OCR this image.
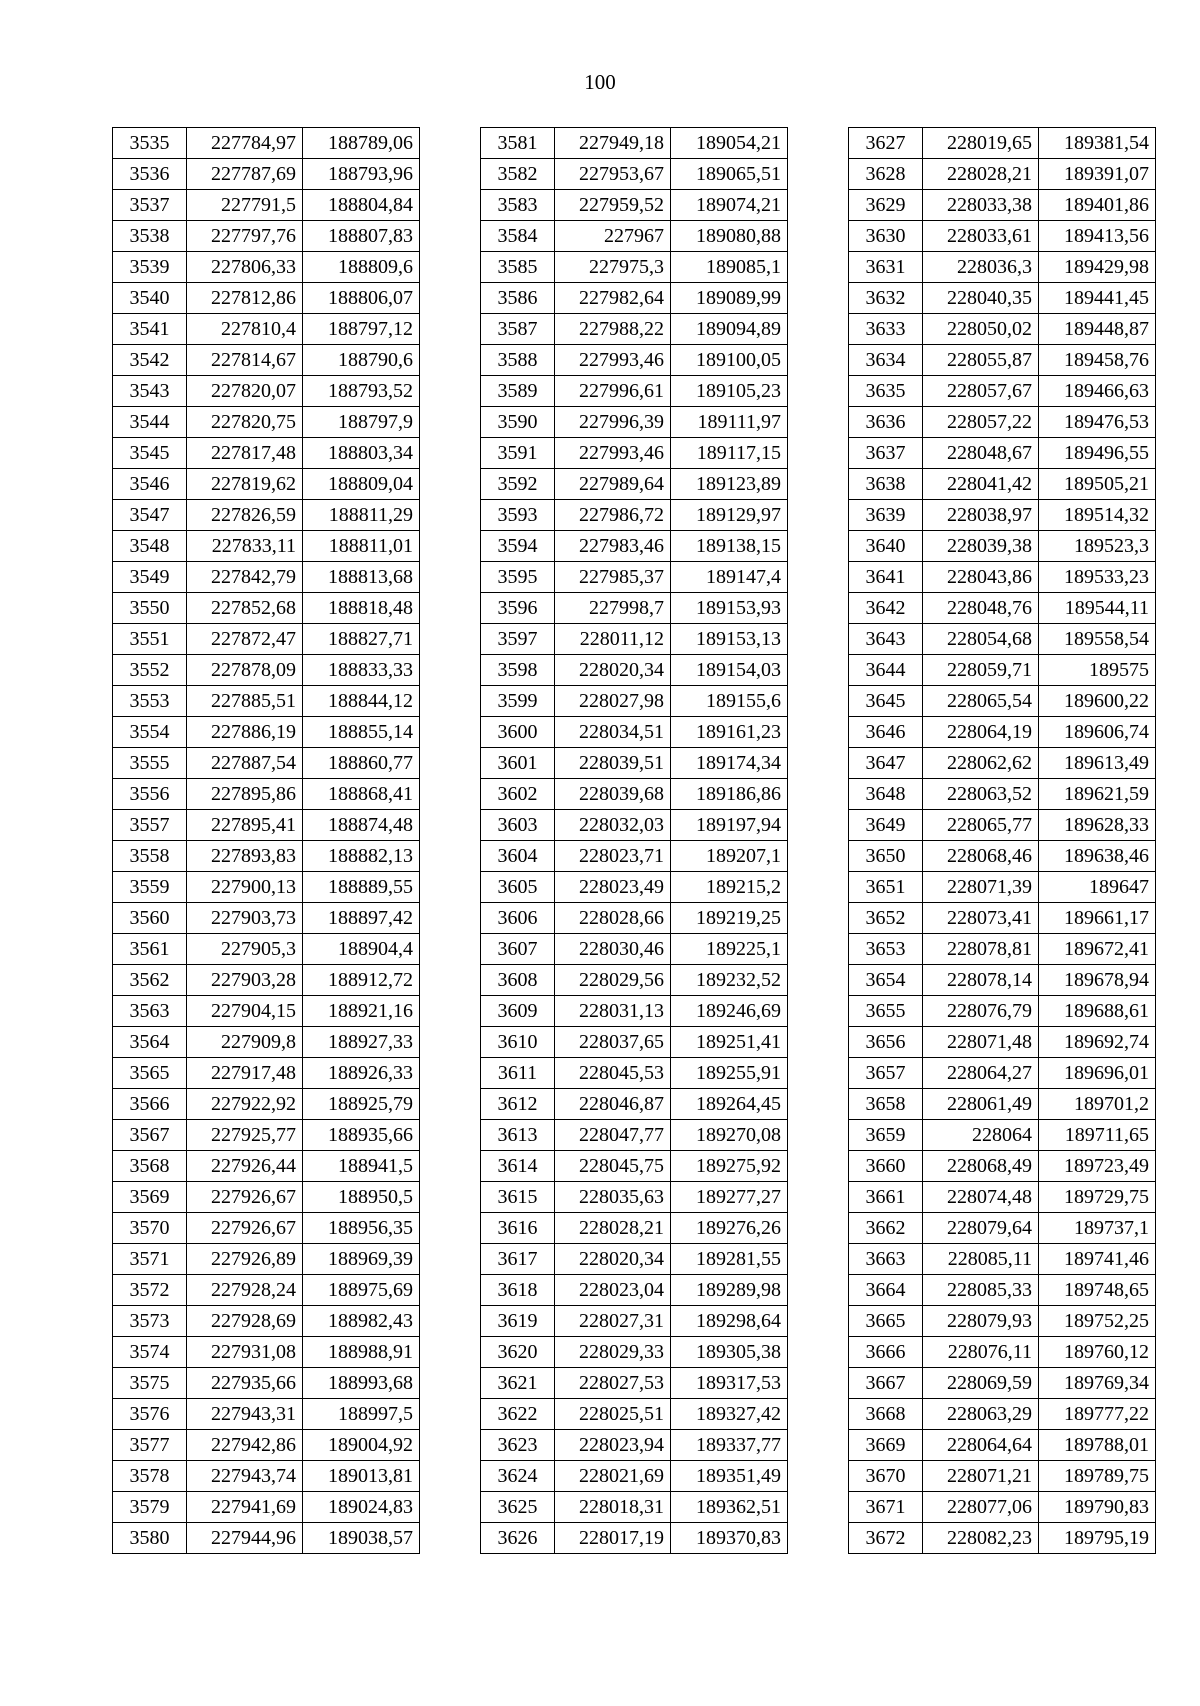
100
3535	227784,97	188789,06
3536	227787,69	188793,96
3537	227791,5	188804,84
3538	227797,76	188807,83
3539	227806,33	188809,6
3540	227812,86	188806,07
3541	227810,4	188797,12
3542	227814,67	188790,6
3543	227820,07	188793,52
3544	227820,75	188797,9
3545	227817,48	188803,34
3546	227819,62	188809,04
3547	227826,59	188811,29
3548	227833,11	188811,01
3549	227842,79	188813,68
3550	227852,68	188818,48
3551	227872,47	188827,71
3552	227878,09	188833,33
3553	227885,51	188844,12
3554	227886,19	188855,14
3555	227887,54	188860,77
3556	227895,86	188868,41
3557	227895,41	188874,48
3558	227893,83	188882,13
3559	227900,13	188889,55
3560	227903,73	188897,42
3561	227905,3	188904,4
3562	227903,28	188912,72
3563	227904,15	188921,16
3564	227909,8	188927,33
3565	227917,48	188926,33
3566	227922,92	188925,79
3567	227925,77	188935,66
3568	227926,44	188941,5
3569	227926,67	188950,5
3570	227926,67	188956,35
3571	227926,89	188969,39
3572	227928,24	188975,69
3573	227928,69	188982,43
3574	227931,08	188988,91
3575	227935,66	188993,68
3576	227943,31	188997,5
3577	227942,86	189004,92
3578	227943,74	189013,81
3579	227941,69	189024,83
3580	227944,96	189038,57
3581	227949,18	189054,21
3582	227953,67	189065,51
3583	227959,52	189074,21
3584	227967	189080,88
3585	227975,3	189085,1
3586	227982,64	189089,99
3587	227988,22	189094,89
3588	227993,46	189100,05
3589	227996,61	189105,23
3590	227996,39	189111,97
3591	227993,46	189117,15
3592	227989,64	189123,89
3593	227986,72	189129,97
3594	227983,46	189138,15
3595	227985,37	189147,4
3596	227998,7	189153,93
3597	228011,12	189153,13
3598	228020,34	189154,03
3599	228027,98	189155,6
3600	228034,51	189161,23
3601	228039,51	189174,34
3602	228039,68	189186,86
3603	228032,03	189197,94
3604	228023,71	189207,1
3605	228023,49	189215,2
3606	228028,66	189219,25
3607	228030,46	189225,1
3608	228029,56	189232,52
3609	228031,13	189246,69
3610	228037,65	189251,41
3611	228045,53	189255,91
3612	228046,87	189264,45
3613	228047,77	189270,08
3614	228045,75	189275,92
3615	228035,63	189277,27
3616	228028,21	189276,26
3617	228020,34	189281,55
3618	228023,04	189289,98
3619	228027,31	189298,64
3620	228029,33	189305,38
3621	228027,53	189317,53
3622	228025,51	189327,42
3623	228023,94	189337,77
3624	228021,69	189351,49
3625	228018,31	189362,51
3626	228017,19	189370,83
3627	228019,65	189381,54
3628	228028,21	189391,07
3629	228033,38	189401,86
3630	228033,61	189413,56
3631	228036,3	189429,98
3632	228040,35	189441,45
3633	228050,02	189448,87
3634	228055,87	189458,76
3635	228057,67	189466,63
3636	228057,22	189476,53
3637	228048,67	189496,55
3638	228041,42	189505,21
3639	228038,97	189514,32
3640	228039,38	189523,3
3641	228043,86	189533,23
3642	228048,76	189544,11
3643	228054,68	189558,54
3644	228059,71	189575
3645	228065,54	189600,22
3646	228064,19	189606,74
3647	228062,62	189613,49
3648	228063,52	189621,59
3649	228065,77	189628,33
3650	228068,46	189638,46
3651	228071,39	189647
3652	228073,41	189661,17
3653	228078,81	189672,41
3654	228078,14	189678,94
3655	228076,79	189688,61
3656	228071,48	189692,74
3657	228064,27	189696,01
3658	228061,49	189701,2
3659	228064	189711,65
3660	228068,49	189723,49
3661	228074,48	189729,75
3662	228079,64	189737,1
3663	228085,11	189741,46
3664	228085,33	189748,65
3665	228079,93	189752,25
3666	228076,11	189760,12
3667	228069,59	189769,34
3668	228063,29	189777,22
3669	228064,64	189788,01
3670	228071,21	189789,75
3671	228077,06	189790,83
3672	228082,23	189795,19
